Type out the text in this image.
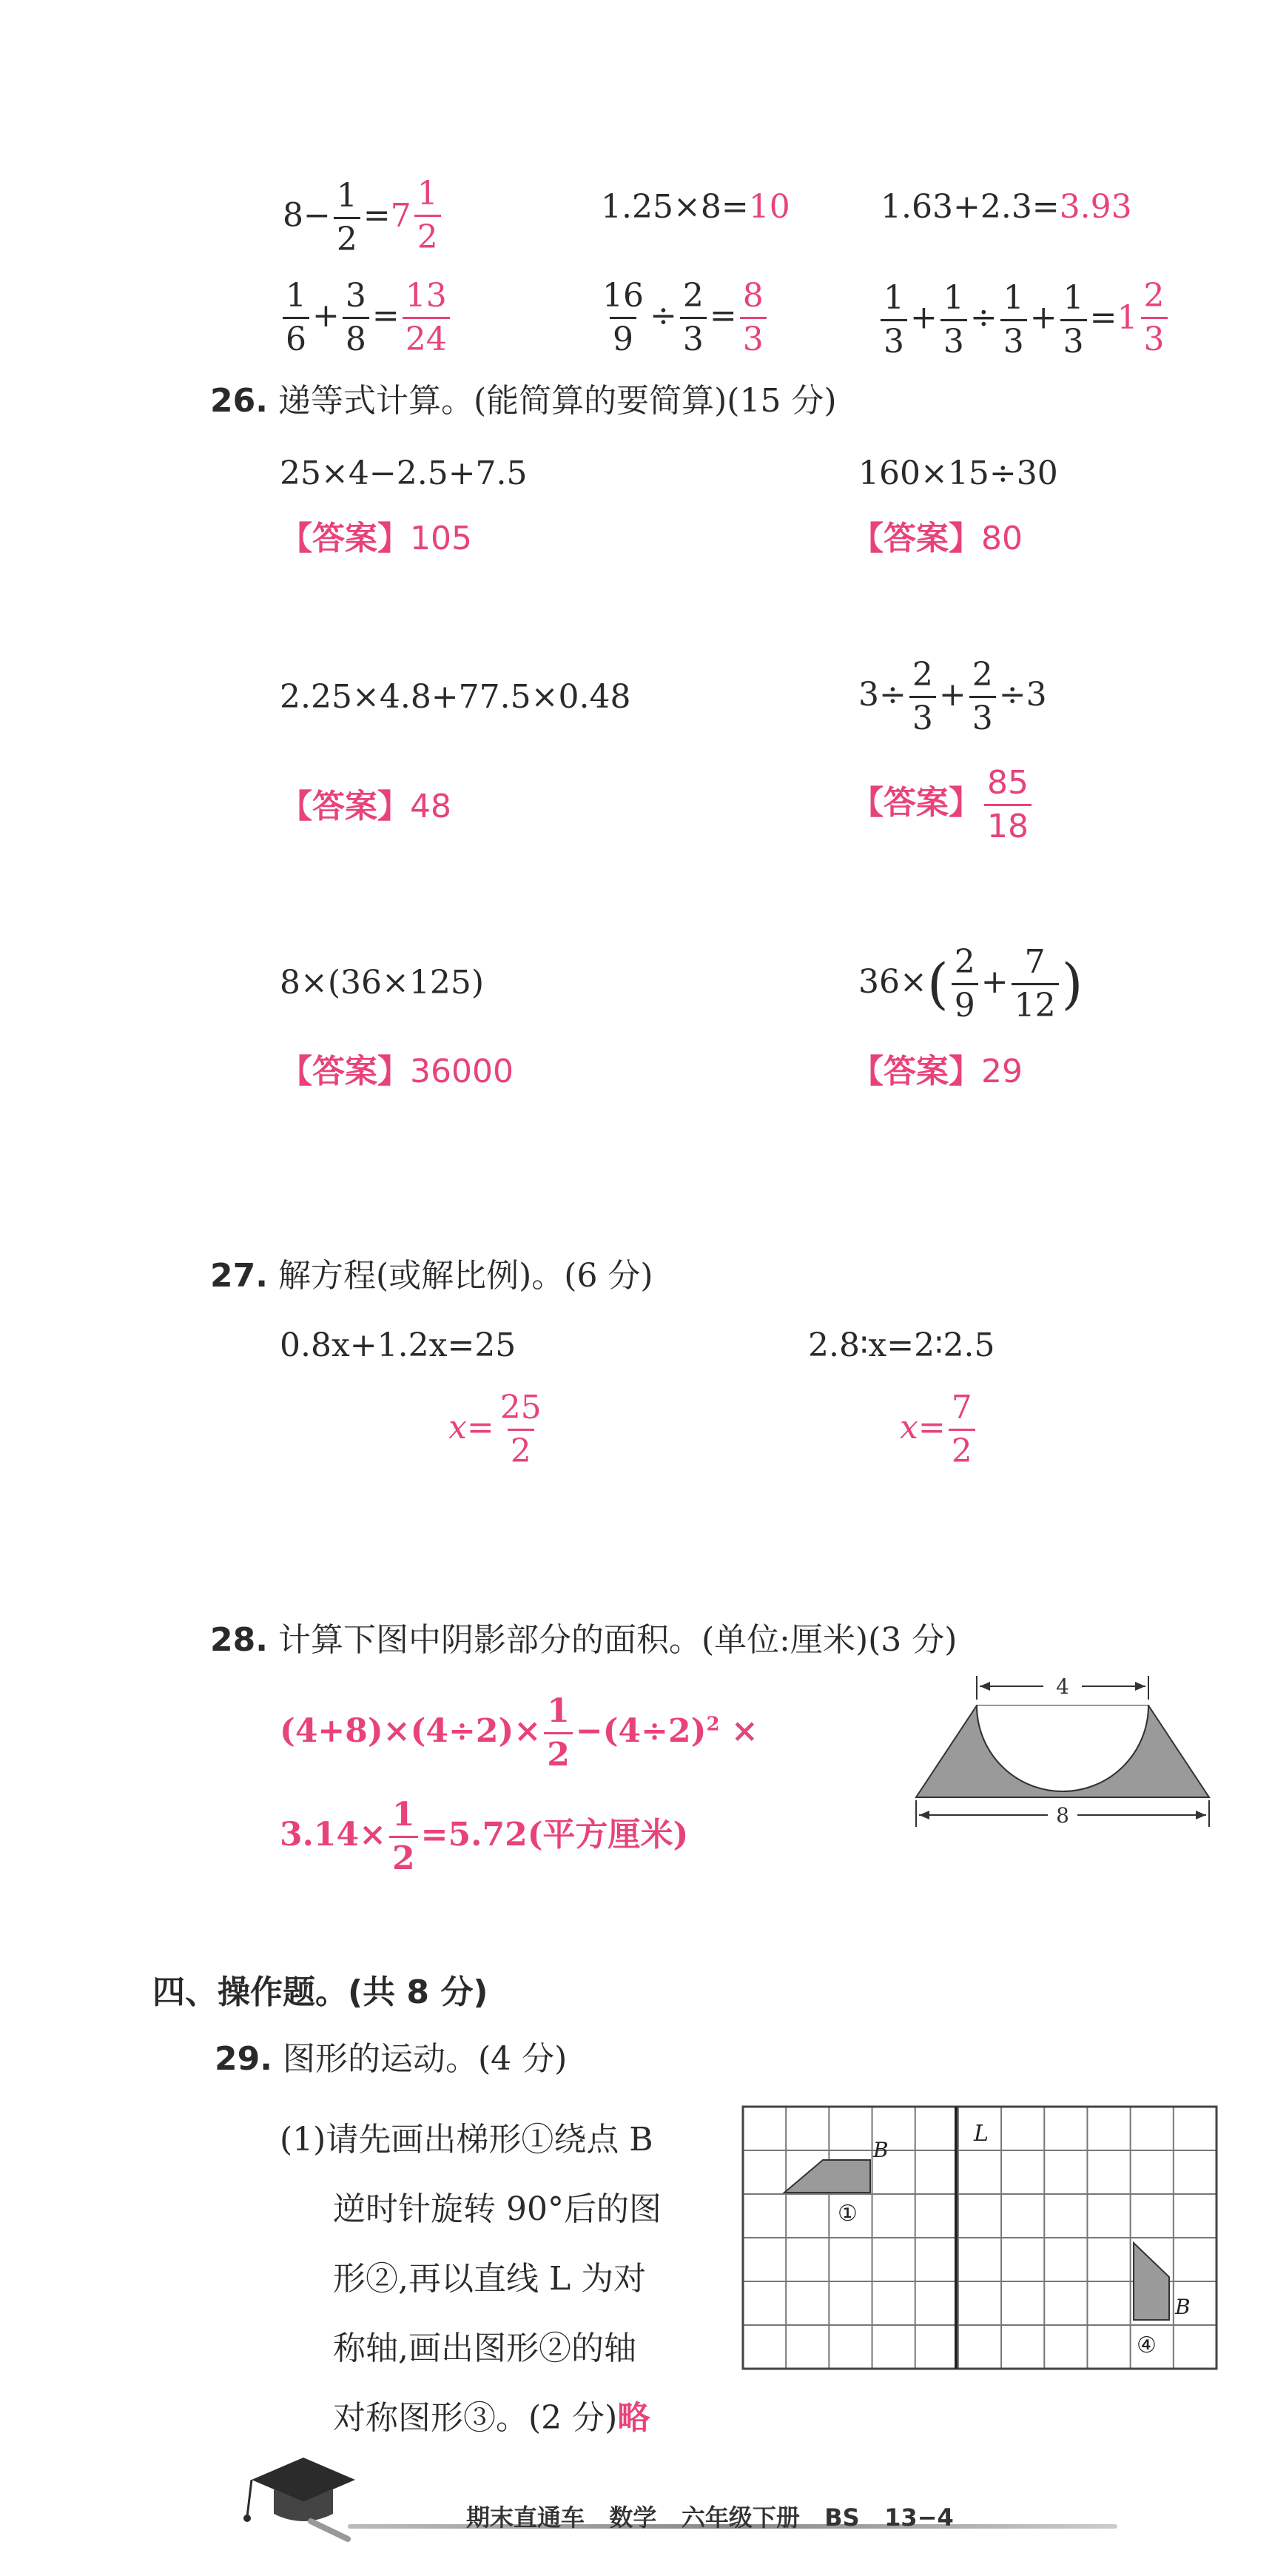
$8- \frac{1}{2} = 7 \frac{1}{2}$	1.25×8=10	1.63+2.3=3.93
$\frac{1}{6} + \frac{3}{8} = \frac{13}{24}$	$\frac{16}{9} \div \frac{2}{3} = \frac{8}{3}$	$\frac{1}{3} + \frac{1}{3} \div \frac{1}{3} + \frac{1}{3} = 1 \frac{2}{3}$
26. 递等式计算。(能简算的要简算)(15 分)
25×4−2.5+7.5
【答案】105
160×15÷30
【答案】80
2.25×4.8+77.5×0.48
【答案】48
$3\div \frac{2}{3} + \frac{2}{3} \div 3$
【答案】 $\frac{85}{18}$
8×(36×125)
【答案】36000
$36\times( \frac{2}{9} + \frac{7}{12}$ )
【答案】29
27. 解方程(或解比例)。(6 分)
0.8x+1.2x=25	2.8∶x=2∶2.5
$x= \frac{25}{2}$	$x= \frac{7}{2}$
28. 计算下图中阴影部分的面积。(单位:厘米)(3 分)
$(4+8)\times(4\div 2)\times \frac{1}{2} -(4\div 2)^2$ ×
$3.14\times \frac{1}{2} =5.72$(平方厘米)
4
8
四、操作题。(共 8 分)
29. 图形的运动。(4 分)
(1)请先画出梯形①绕点 B
逆时针旋转 90°后的图
形②,再以直线 L 为对
称轴,画出图形②的轴
对称图形③。(2 分)略
L
B
①
B
④
期末直通车   数学   六年级下册   BS   13−4
